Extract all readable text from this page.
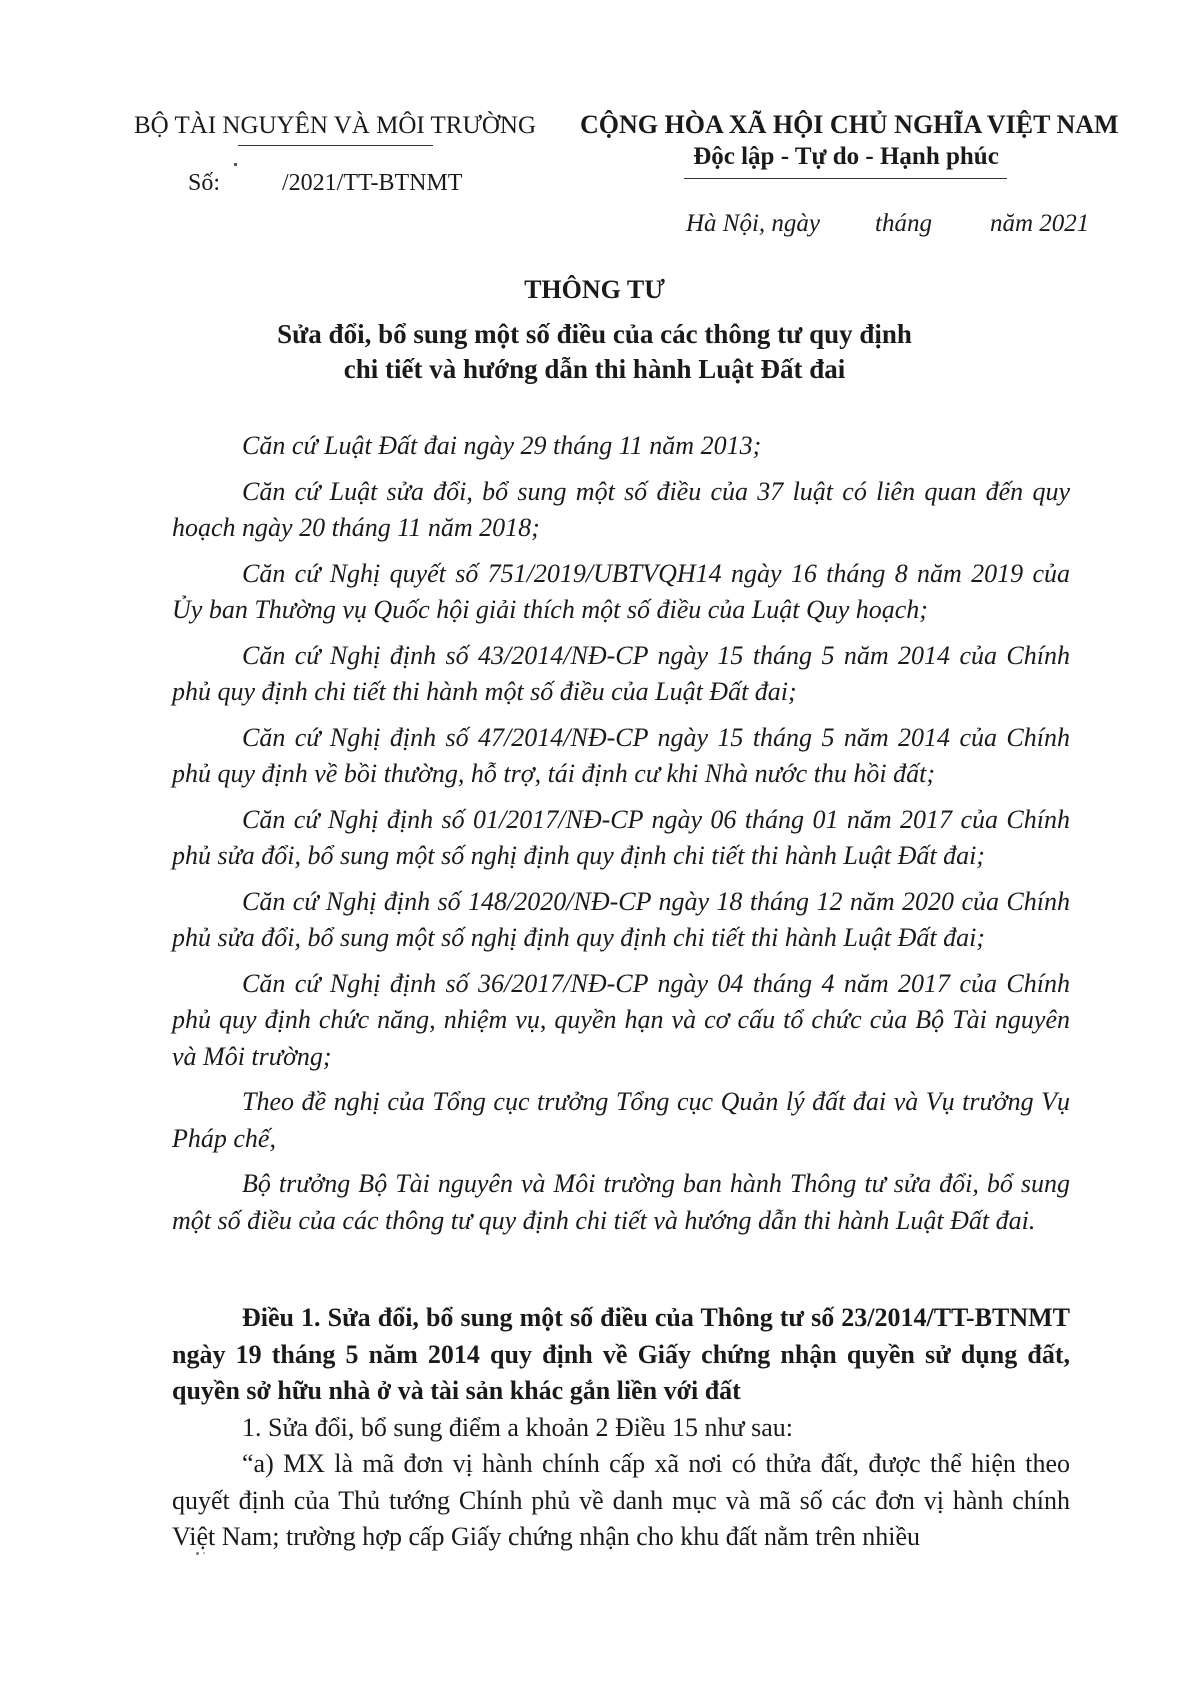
BỘ TÀI NGUYÊN VÀ MÔI TRƯỜNG CỘNG HÒA XÃ HỘI CHỦ NGHĨA VIỆT NAM
Độc lập - Tự do - Hạnh phúc
Số:	/2021/TT-BTNMT
Hà Nội, ngày tháng năm 2021
THÔNG TƯ
Sửa đổi, bổ sung một số điều của các thông tư quy định
chi tiết và hướng dẫn thi hành Luật Đất đai
Căn cứ Luật Đất đai ngày 29 tháng 11 năm 2013;
Căn cứ Luật sửa đổi, bổ sung một số điều của 37 luật có liên quan đến quy hoạch ngày 20 tháng 11 năm 2018;
Căn cứ Nghị quyết số 751/2019/UBTVQH14 ngày 16 tháng 8 năm 2019 của Ủy ban Thường vụ Quốc hội giải thích một số điều của Luật Quy hoạch;
Căn cứ Nghị định số 43/2014/NĐ-CP ngày 15 tháng 5 năm 2014 của Chính phủ quy định chi tiết thi hành một số điều của Luật Đất đai;
Căn cứ Nghị định số 47/2014/NĐ-CP ngày 15 tháng 5 năm 2014 của Chính phủ quy định về bồi thường, hỗ trợ, tái định cư khi Nhà nước thu hồi đất;
Căn cứ Nghị định số 01/2017/NĐ-CP ngày 06 tháng 01 năm 2017 của Chính phủ sửa đổi, bổ sung một số nghị định quy định chi tiết thi hành Luật Đất đai;
Căn cứ Nghị định số 148/2020/NĐ-CP ngày 18 tháng 12 năm 2020 của Chính phủ sửa đổi, bổ sung một số nghị định quy định chi tiết thi hành Luật Đất đai;
Căn cứ Nghị định số 36/2017/NĐ-CP ngày 04 tháng 4 năm 2017 của Chính phủ quy định chức năng, nhiệm vụ, quyền hạn và cơ cấu tổ chức của Bộ Tài nguyên và Môi trường;
Theo đề nghị của Tổng cục trưởng Tổng cục Quản lý đất đai và Vụ trưởng Vụ Pháp chế,
Bộ trưởng Bộ Tài nguyên và Môi trường ban hành Thông tư sửa đổi, bổ sung một số điều của các thông tư quy định chi tiết và hướng dẫn thi hành Luật Đất đai.
Điều 1. Sửa đổi, bổ sung một số điều của Thông tư số 23/2014/TT-BTNMT ngày 19 tháng 5 năm 2014 quy định về Giấy chứng nhận quyền sử dụng đất, quyền sở hữu nhà ở và tài sản khác gắn liền với đất
1. Sửa đổi, bổ sung điểm a khoản 2 Điều 15 như sau:
“a) MX là mã đơn vị hành chính cấp xã nơi có thửa đất, được thể hiện theo quyết định của Thủ tướng Chính phủ về danh mục và mã số các đơn vị hành chính Việt Nam; trường hợp cấp Giấy chứng nhận cho khu đất nằm trên nhiều
